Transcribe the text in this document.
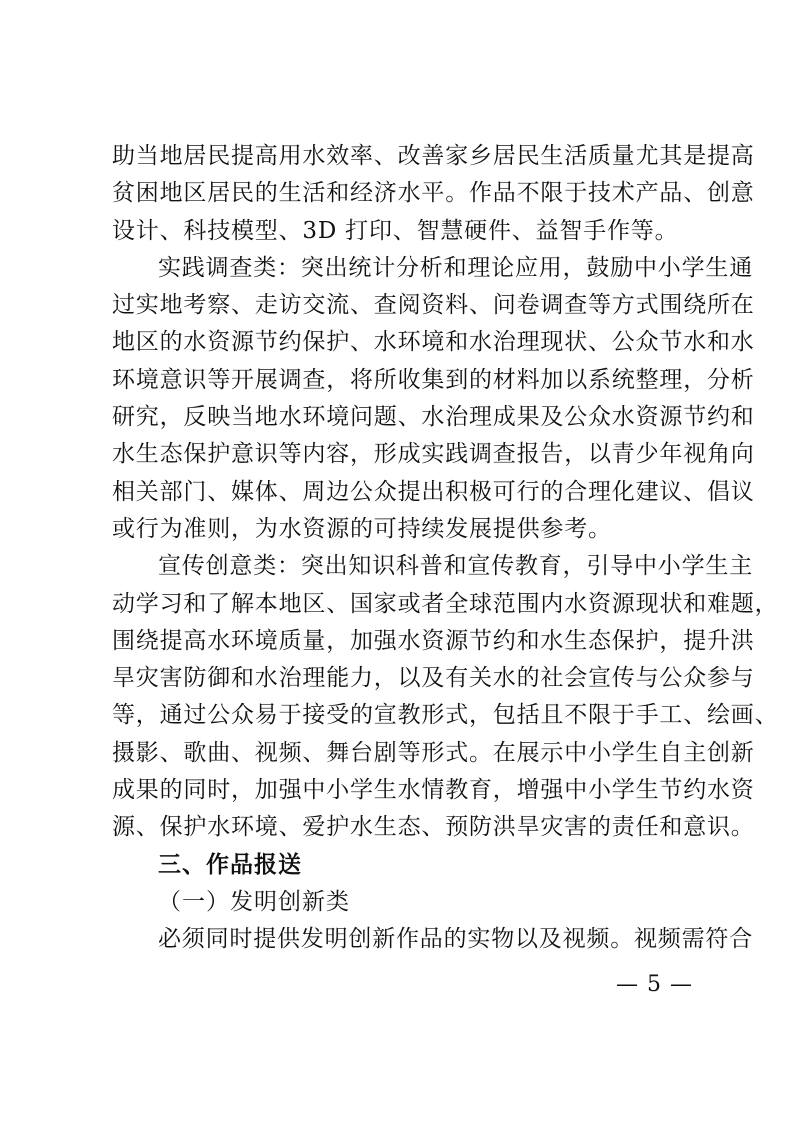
助当地居民提高用水效率、改善家乡居民生活质量尤其是提高
贫困地区居民的生活和经济水平。作品不限于技术产品、创意
设计、科技模型、3D 打印、智慧硬件、益智手作等。
实践调查类：突出统计分析和理论应用，鼓励中小学生通
过实地考察、走访交流、查阅资料、问卷调查等方式围绕所在
地区的水资源节约保护、水环境和水治理现状、公众节水和水
环境意识等开展调查，将所收集到的材料加以系统整理，分析
研究，反映当地水环境问题、水治理成果及公众水资源节约和
水生态保护意识等内容，形成实践调查报告，以青少年视角向
相关部门、媒体、周边公众提出积极可行的合理化建议、倡议
或行为准则，为水资源的可持续发展提供参考。
宣传创意类：突出知识科普和宣传教育，引导中小学生主
动学习和了解本地区、国家或者全球范围内水资源现状和难题，
围绕提高水环境质量，加强水资源节约和水生态保护，提升洪
旱灾害防御和水治理能力，以及有关水的社会宣传与公众参与
等，通过公众易于接受的宣教形式，包括且不限于手工、绘画、
摄影、歌曲、视频、舞台剧等形式。在展示中小学生自主创新
成果的同时，加强中小学生水情教育，增强中小学生节约水资
源、保护水环境、爱护水生态、预防洪旱灾害的责任和意识。
三、作品报送
（一）发明创新类
必须同时提供发明创新作品的实物以及视频。视频需符合
— 5 —
